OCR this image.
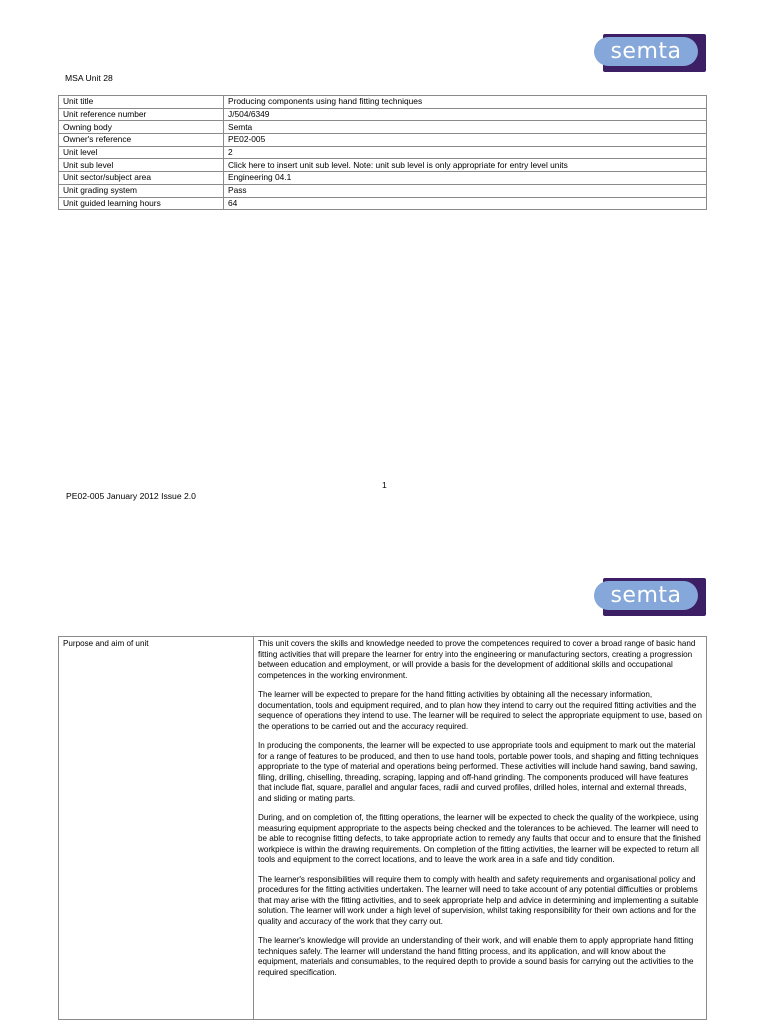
semta
MSA Unit 28
Unit title	Producing components using hand fitting techniques
Unit reference number	J/504/6349
Owning body	Semta
Owner's reference	PE02-005
Unit level	2
Unit sub level	Click here to insert unit sub level. Note: unit sub level is only appropriate for entry level units
Unit sector/subject area	Engineering 04.1
Unit grading system	Pass
Unit guided learning hours	64
1
PE02-005 January 2012 Issue 2.0
semta
Purpose and aim of unit	This unit covers the skills and knowledge needed to prove the competences required to cover a broad range of basic hand fitting activities that will prepare the learner for entry into the engineering or manufacturing sectors, creating a progression between education and employment, or will provide a basis for the development of additional skills and occupational competences in the working environment.

The learner will be expected to prepare for the hand fitting activities by obtaining all the necessary information, documentation, tools and equipment required, and to plan how they intend to carry out the required fitting activities and the sequence of operations they intend to use. The learner will be required to select the appropriate equipment to use, based on the operations to be carried out and the accuracy required.

In producing the components, the learner will be expected to use appropriate tools and equipment to mark out the material for a range of features to be produced, and then to use hand tools, portable power tools, and shaping and fitting techniques appropriate to the type of material and operations being performed. These activities will include hand sawing, band sawing, filing, drilling, chiselling, threading, scraping, lapping and off-hand grinding. The components produced will have features that include flat, square, parallel and angular faces, radii and curved profiles, drilled holes, internal and external threads, and sliding or mating parts.

During, and on completion of, the fitting operations, the learner will be expected to check the quality of the workpiece, using measuring equipment appropriate to the aspects being checked and the tolerances to be achieved. The learner will need to be able to recognise fitting defects, to take appropriate action to remedy any faults that occur and to ensure that the finished workpiece is within the drawing requirements. On completion of the fitting activities, the learner will be expected to return all tools and equipment to the correct locations, and to leave the work area in a safe and tidy condition.

The learner's responsibilities will require them to comply with health and safety requirements and organisational policy and procedures for the fitting activities undertaken. The learner will need to take account of any potential difficulties or problems that may arise with the fitting activities, and to seek appropriate help and advice in determining and implementing a suitable solution. The learner will work under a high level of supervision, whilst taking responsibility for their own actions and for the quality and accuracy of the work that they carry out.

The learner's knowledge will provide an understanding of their work, and will enable them to apply appropriate hand fitting techniques safely. The learner will understand the hand fitting process, and its application, and will know about the equipment, materials and consumables, to the required depth to provide a sound basis for carrying out the activities to the required specification.
